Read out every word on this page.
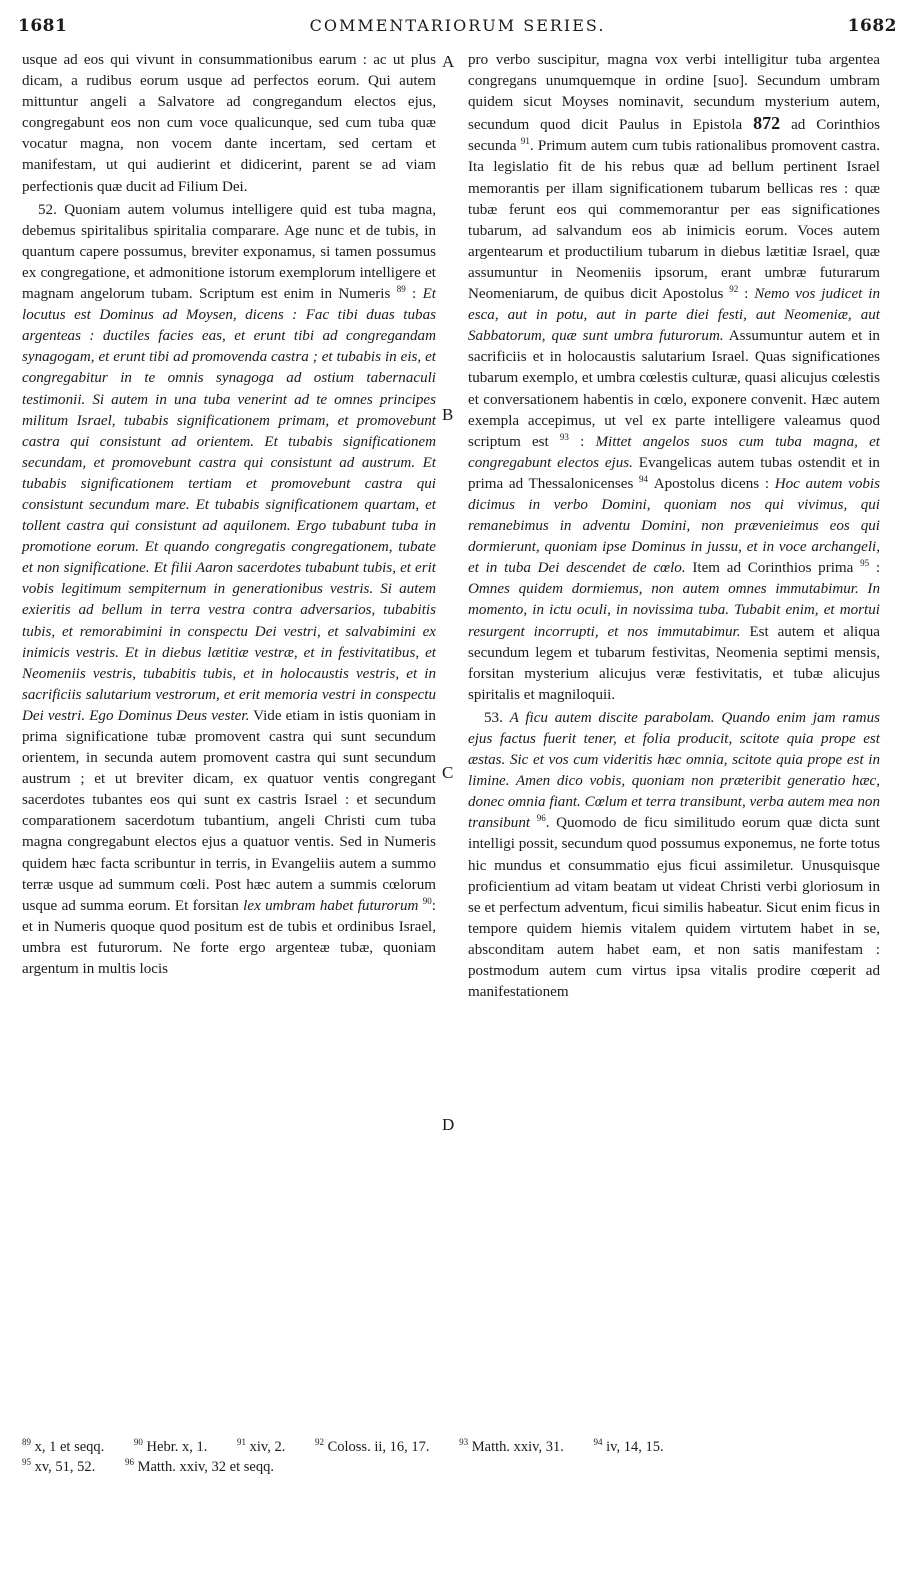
1681	COMMENTARIORUM SERIES.	1682
A
B
C
D

usque ad eos qui vivunt in consummationibus earum : ac ut plus dicam, a rudibus eorum usque ad perfectos eorum. Qui autem mittuntur angeli a Salvatore ad congregandum electos ejus, congregabunt eos non cum voce qualicunque, sed cum tuba quæ vocatur magna, non vocem dante incertam, sed certam et manifestam, ut qui audierint et didicerint, parent se ad viam perfectionis quæ ducit ad Filium Dei.

52. Quoniam autem volumus intelligere quid est tuba magna, debemus spiritalibus spiritalia comparare. Age nunc et de tubis, in quantum capere possumus, breviter exponamus, si tamen possumus ex congregatione, et admonitione istorum exemplorum intelligere et magnam angelorum tubam. Scriptum est enim in Numeris $^{89}$ : Et locutus est Dominus ad Moysen, dicens : Fac tibi duas tubas argenteas : ductiles facies eas, et erunt tibi ad congregandam synagogam, et erunt tibi ad promovenda castra ; et tubabis in eis, et congregabitur in te omnis synagoga ad ostium tabernaculi testimonii. Si autem in una tuba venerint ad te omnes principes militum Israel, tubabis significationem primam, et promovebunt castra qui consistunt ad orientem. Et tubabis significationem secundam, et promovebunt castra qui consistunt ad austrum. Et tubabis significationem tertiam et promovebunt castra qui consistunt secundum mare. Et tubabis significationem quartam, et tollent castra qui consistunt ad aquilonem. Ergo tubabunt tuba in promotione eorum. Et quando congregatis congregationem, tubate et non significatione. Et filii Aaron sacerdotes tubabunt tubis, et erit vobis legitimum sempiternum in generationibus vestris. Si autem exieritis ad bellum in terra vestra contra adversarios, tubabitis tubis, et remorabimini in conspectu Dei vestri, et salvabimini ex inimicis vestris. Et in diebus lætitiæ vestræ, et in festivitatibus, et Neomeniis vestris, tubabitis tubis, et in holocaustis vestris, et in sacrificiis salutarium vestrorum, et erit memoria vestri in conspectu Dei vestri. Ego Dominus Deus vester. Vide etiam in istis quoniam in prima significatione tubæ promovent castra qui sunt secundum orientem, in secunda autem promovent castra qui sunt secundum austrum ; et ut breviter dicam, ex quatuor ventis congregant sacerdotes tubantes eos qui sunt ex castris Israel : et secundum comparationem sacerdotum tubantium, angeli Christi cum tuba magna congregabunt electos ejus a quatuor ventis. Sed in Numeris quidem hæc facta scribuntur in terris, in Evangeliis autem a summo terræ usque ad summum cœli. Post hæc autem a summis cœlorum usque ad summa eorum. Et forsitan lex umbram habet futurorum $^{90}$: et in Numeris quoque quod positum est de tubis et ordinibus Israel, umbra est futurorum. Ne forte ergo argenteæ tubæ, quoniam argentum in multis locis

pro verbo suscipitur, magna vox verbi intelligitur tuba argentea congregans unumquemque in ordine [suo]. Secundum umbram quidem sicut Moyses nominavit, secundum mysterium autem, secundum quod dicit Paulus in Epistola 872 ad Corinthios secunda $^{91}$. Primum autem cum tubis rationalibus promovent castra. Ita legislatio fit de his rebus quæ ad bellum pertinent Israel memorantis per illam significationem tubarum bellicas res : quæ tubæ ferunt eos qui commemorantur per eas significationes tubarum, ad salvandum eos ab inimicis eorum. Voces autem argentearum et productilium tubarum in diebus lætitiæ Israel, quæ assumuntur in Neomeniis ipsorum, erant umbræ futurarum Neomeniarum, de quibus dicit Apostolus $^{92}$ : Nemo vos judicet in esca, aut in potu, aut in parte diei festi, aut Neomeniæ, aut Sabbatorum, quæ sunt umbra futurorum. Assumuntur autem et in sacrificiis et in holocaustis salutarium Israel. Quas significationes tubarum exemplo, et umbra cœlestis culturæ, quasi alicujus cœlestis et conversationem habentis in cœlo, exponere convenit. Hæc autem exempla accepimus, ut vel ex parte intelligere valeamus quod scriptum est $^{93}$ : Mittet angelos suos cum tuba magna, et congregabunt electos ejus. Evangelicas autem tubas ostendit et in prima ad Thessalonicenses $^{94}$ Apostolus dicens : Hoc autem vobis dicimus in verbo Domini, quoniam nos qui vivimus, qui remanebimus in adventu Domini, non prævenieimus eos qui dormierunt, quoniam ipse Dominus in jussu, et in voce archangeli, et in tuba Dei descendet de cœlo. Item ad Corinthios prima $^{95}$ : Omnes quidem dormiemus, non autem omnes immutabimur. In momento, in ictu oculi, in novissima tuba. Tubabit enim, et mortui resurgent incorrupti, et nos immutabimur. Est autem et aliqua secundum legem et tubarum festivitas, Neomenia septimi mensis, forsitan mysterium alicujus veræ festivitatis, et tubæ alicujus spiritalis et magniloquii.

53. A ficu autem discite parabolam. Quando enim jam ramus ejus factus fuerit tener, et folia producit, scitote quia prope est æstas. Sic et vos cum videritis hæc omnia, scitote quia prope est in limine. Amen dico vobis, quoniam non præteribit generatio hæc, donec omnia fiant. Cœlum et terra transibunt, verba autem mea non transibunt $^{96}$. Quomodo de ficu similitudo eorum quæ dicta sunt intelligi possit, secundum quod possumus exponemus, ne forte totus hic mundus et consummatio ejus ficui assimiletur. Unusquisque proficientium ad vitam beatam ut videat Christi verbi gloriosum in se et perfectum adventum, ficui similis habeatur. Sicut enim ficus in tempore quidem hiemis vitalem quidem virtutem habet in se, absconditam autem habet eam, et non satis manifestam : postmodum autem cum virtus ipsa vitalis prodire cœperit ad manifestationem

$^{89}$ x, 1 et seqq.	$^{90}$ Hebr. x, 1.	$^{91}$ xiv, 2.	$^{92}$ Coloss. ii, 16, 17.	$^{93}$ Matth. xxiv, 31.	$^{94}$ iv, 14, 15.
$^{95}$ xv, 51, 52.	$^{96}$ Matth. xxiv, 32 et seqq.
